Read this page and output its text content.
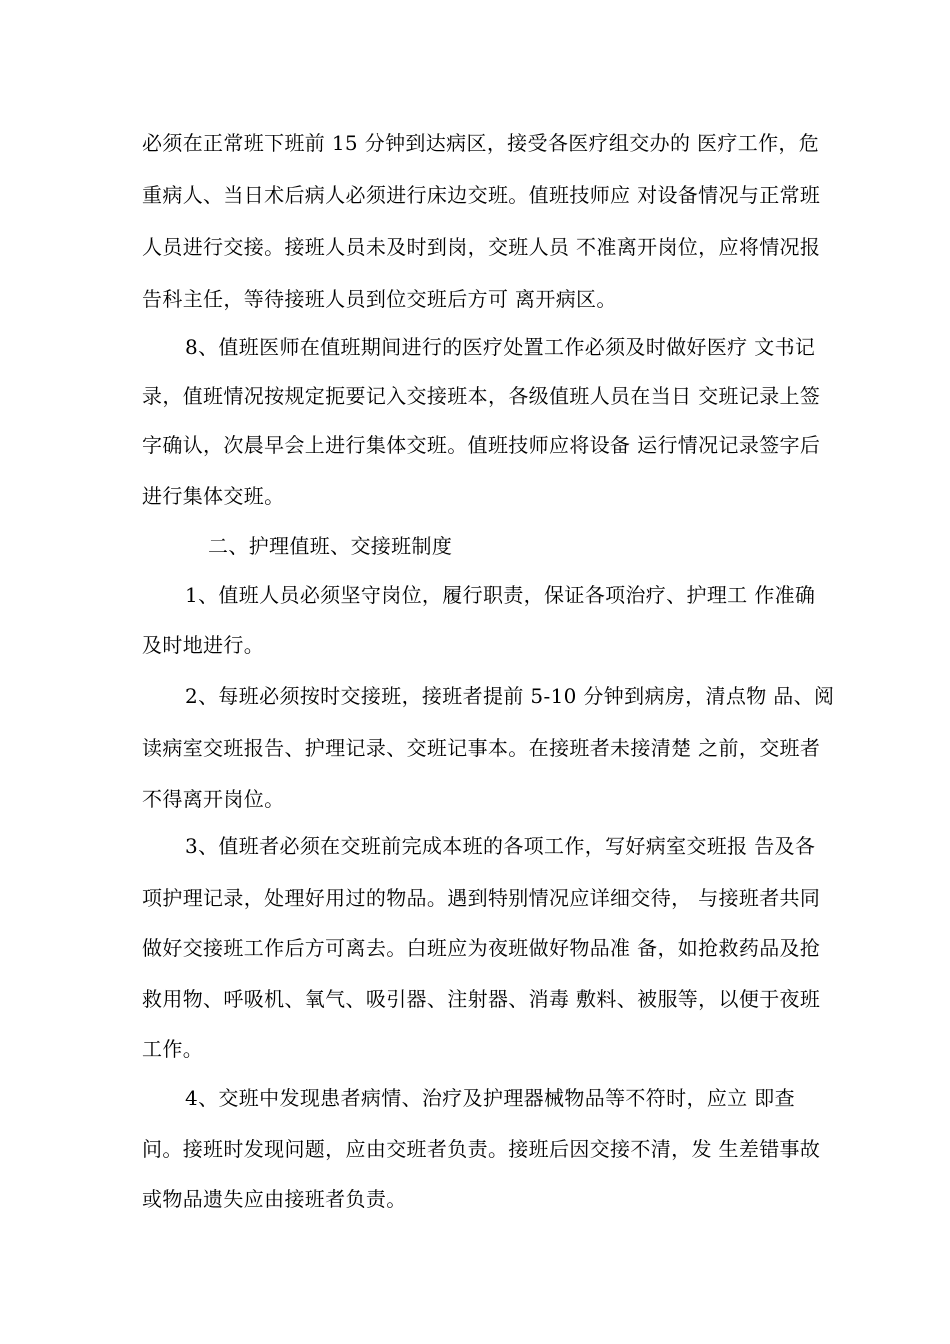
必须在正常班下班前 15 分钟到达病区，接受各医疗组交办的 医疗工作，危
重病人、当日术后病人必须进行床边交班。值班技师应 对设备情况与正常班
人员进行交接。接班人员未及时到岗，交班人员 不准离开岗位，应将情况报
告科主任，等待接班人员到位交班后方可 离开病区。
8、值班医师在值班期间进行的医疗处置工作必须及时做好医疗 文书记
录，值班情况按规定扼要记入交接班本，各级值班人员在当日 交班记录上签
字确认，次晨早会上进行集体交班。值班技师应将设备 运行情况记录签字后
进行集体交班。
二、护理值班、交接班制度
1、值班人员必须坚守岗位，履行职责，保证各项治疗、护理工 作准确
及时地进行。
2、每班必须按时交接班，接班者提前 5-10 分钟到病房，清点物 品、阅
读病室交班报告、护理记录、交班记事本。在接班者未接清楚 之前，交班者
不得离开岗位。
3、值班者必须在交班前完成本班的各项工作，写好病室交班报 告及各
项护理记录，处理好用过的物品。遇到特别情况应详细交待， 与接班者共同
做好交接班工作后方可离去。白班应为夜班做好物品准 备，如抢救药品及抢
救用物、呼吸机、氧气、吸引器、注射器、消毒 敷料、被服等，以便于夜班
工作。
4、交班中发现患者病情、治疗及护理器械物品等不符时，应立 即查
问。接班时发现问题，应由交班者负责。接班后因交接不清，发 生差错事故
或物品遗失应由接班者负责。
